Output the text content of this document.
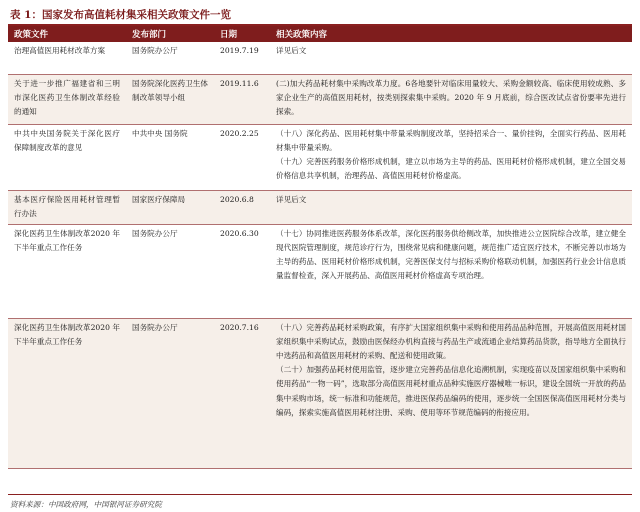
表 1：国家发布高值耗材集采相关政策文件一览
政策文件	发布部门	日期	相关政策内容
治理高值医用耗材改革方案	国务院办公厅	2019.7.19	详见后文

关于进一步推广福建省和三明市深化医药卫生体制改革经验的通知	国务院深化医药卫生体制改革领导小组	2019.11.6	(二)加大药品耗材集中采购改革力度。6各地要针对临床用量较大、采购金额较高、临床使用较成熟、多家企业生产的高值医用耗材，按类别探索集中采购。2020 年 9 月底前，综合医改试点省份要率先进行探索。

中共中央国务院关于深化医疗保障制度改革的意见	中共中央 国务院	2020.2.25	（十八）深化药品、医用耗材集中带量采购制度改革，坚持招采合一、量价挂钩，全面实行药品、医用耗材集中带量采购。
（十九）完善医药服务价格形成机制，建立以市场为主导的药品、医用耗材价格形成机制，建立全国交易价格信息共享机制，治理药品、高值医用耗材价格虚高。

基本医疗保险医用耗材管理暂行办法	国家医疗保障局	2020.6.8	详见后文

深化医药卫生体制改革2020 年下半年重点工作任务	国务院办公厅	2020.6.30	（十七）协同推进医药服务体系改革，深化医药服务供给侧改革，加快推进公立医院综合改革，建立健全现代医院管理制度，规范诊疗行为，围绕常见病和健康问题，规范推广适宜医疗技术，不断完善以市场为主导的药品、医用耗材价格形成机制，完善医保支付与招标采购价格联动机制，加强医药行业会计信息质量监督检查，深入开展药品、高值医用耗材价格虚高专项治理。

深化医药卫生体制改革2020 年下半年重点工作任务	国务院办公厅	2020.7.16	（十八）完善药品耗材采购政策，有序扩大国家组织集中采购和使用药品品种范围，开展高值医用耗材国家组织集中采购试点，鼓励由医保经办机构直接与药品生产或流通企业结算药品货款，指导地方全面执行中选药品和高值医用耗材的采购、配送和使用政策。
（二十）加强药品耗材使用监管，逐步建立完善药品信息化追溯机制，实现疫苗以及国家组织集中采购和使用药品“一物一码”，选取部分高值医用耗材重点品种实施医疗器械唯一标识，建设全国统一开放的药品集中采购市场，统一标准和功能规范，推进医保药品编码的使用，逐步统一全国医保高值医用耗材分类与编码，探索实施高值医用耗材注册、采购、使用等环节规范编码的衔接应用。
资料来源：中国政府网，中国银河证券研究院
